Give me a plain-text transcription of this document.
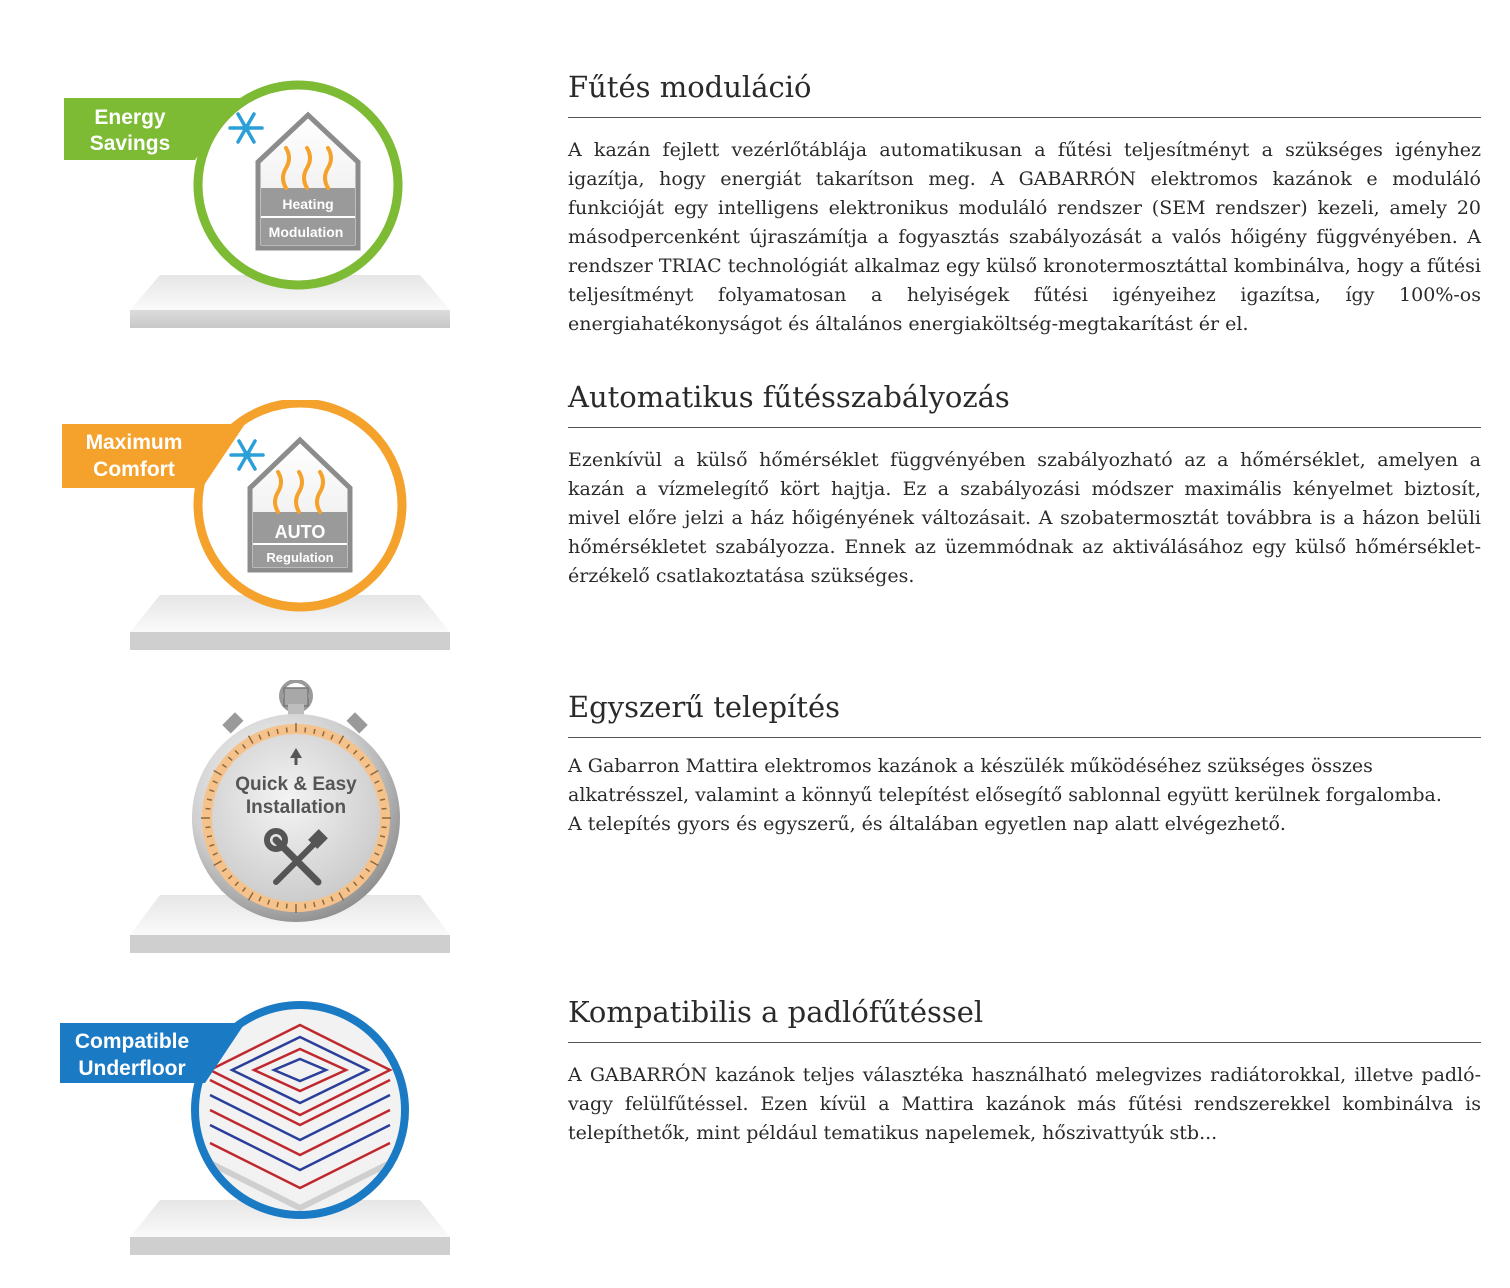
Energy
Savings
Heating
Modulation
Fűtés moduláció

A kazán fejlett vezérlőtáblája automatikusan a fűtési teljesítményt a szükséges igényhez igazítja, hogy energiát takarítson meg. A GABARRÓN elektromos kazánok e moduláló funkcióját egy intelligens elektronikus moduláló rendszer (SEM rendszer) kezeli, amely 20 másodpercenként újraszámítja a fogyasztás szabályozását a valós hőigény függvényében. A rendszer TRIAC technológiát alkalmaz egy külső kronotermosztáttal kombinálva, hogy a fűtési teljesítményt folyamatosan a helyiségek fűtési igényeihez igazítsa, így 100%-os energiahatékonyságot és általános energiaköltség-megtakarítást ér el.

Maximum
Comfort
AUTO
Regulation
Automatikus fűtésszabályozás

Ezenkívül a külső hőmérséklet függvényében szabályozható az a hőmérséklet, amelyen a kazán a vízmelegítő kört hajtja. Ez a szabályozási módszer maximális kényelmet biztosít, mivel előre jelzi a ház hőigényének változásait. A szobatermosztát továbbra is a házon belüli hőmérsékletet szabályozza. Ennek az üzemmódnak az aktiválásához egy külső hőmérséklet-érzékelő csatlakoztatása szükséges.

Quick & Easy
Installation
Egyszerű telepítés

A Gabarron Mattira elektromos kazánok a készülék működéséhez szükséges összes
alkatrésszel, valamint a könnyű telepítést elősegítő sablonnal együtt kerülnek forgalomba.
A telepítés gyors és egyszerű, és általában egyetlen nap alatt elvégezhető.

Compatible
Underfloor
Kompatibilis a padlófűtéssel

A GABARRÓN kazánok teljes választéka használható melegvizes radiátorokkal, illetve padló- vagy felülfűtéssel. Ezen kívül a Mattira kazánok más fűtési rendszerekkel kombinálva is telepíthetők, mint például tematikus napelemek, hőszivattyúk stb...
